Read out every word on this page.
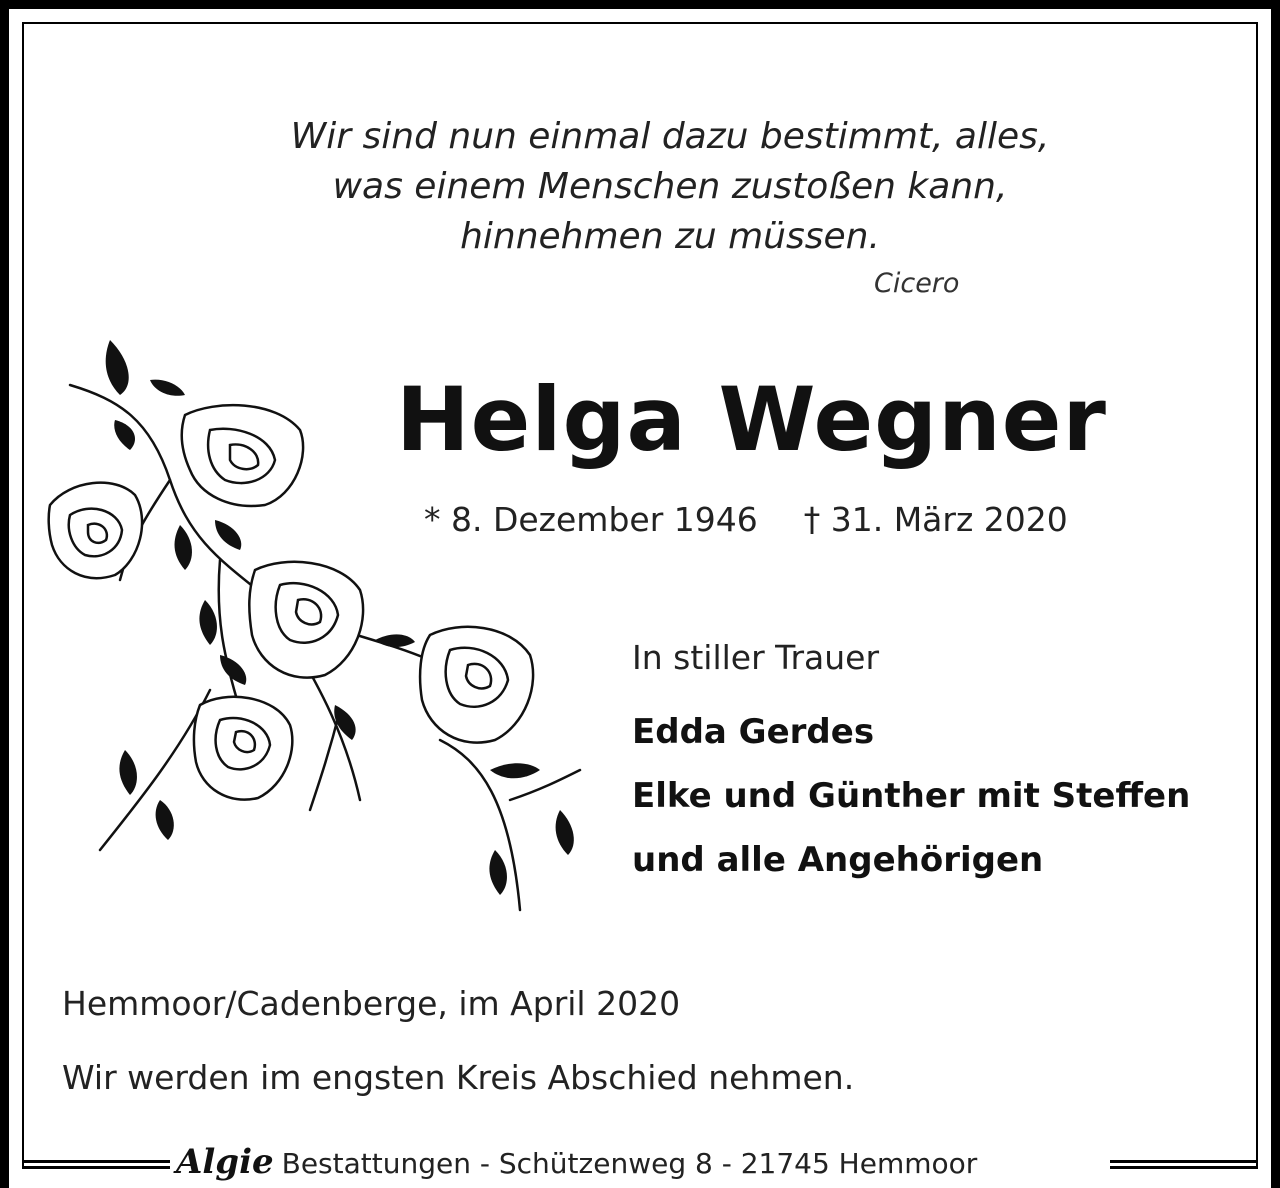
Wir sind nun einmal dazu bestimmt, alles,
was einem Menschen zustoßen kann,
hinnehmen zu müssen.
Cicero
Helga Wegner
* 8. Dezember 1946 † 31. März 2020
In stiller Trauer
Edda Gerdes
Elke und Günther mit Steffen
und alle Angehörigen
Hemmoor/Cadenberge, im April 2020
Wir werden im engsten Kreis Abschied nehmen.
Algie Bestattungen - Schützenweg 8 - 21745 Hemmoor
